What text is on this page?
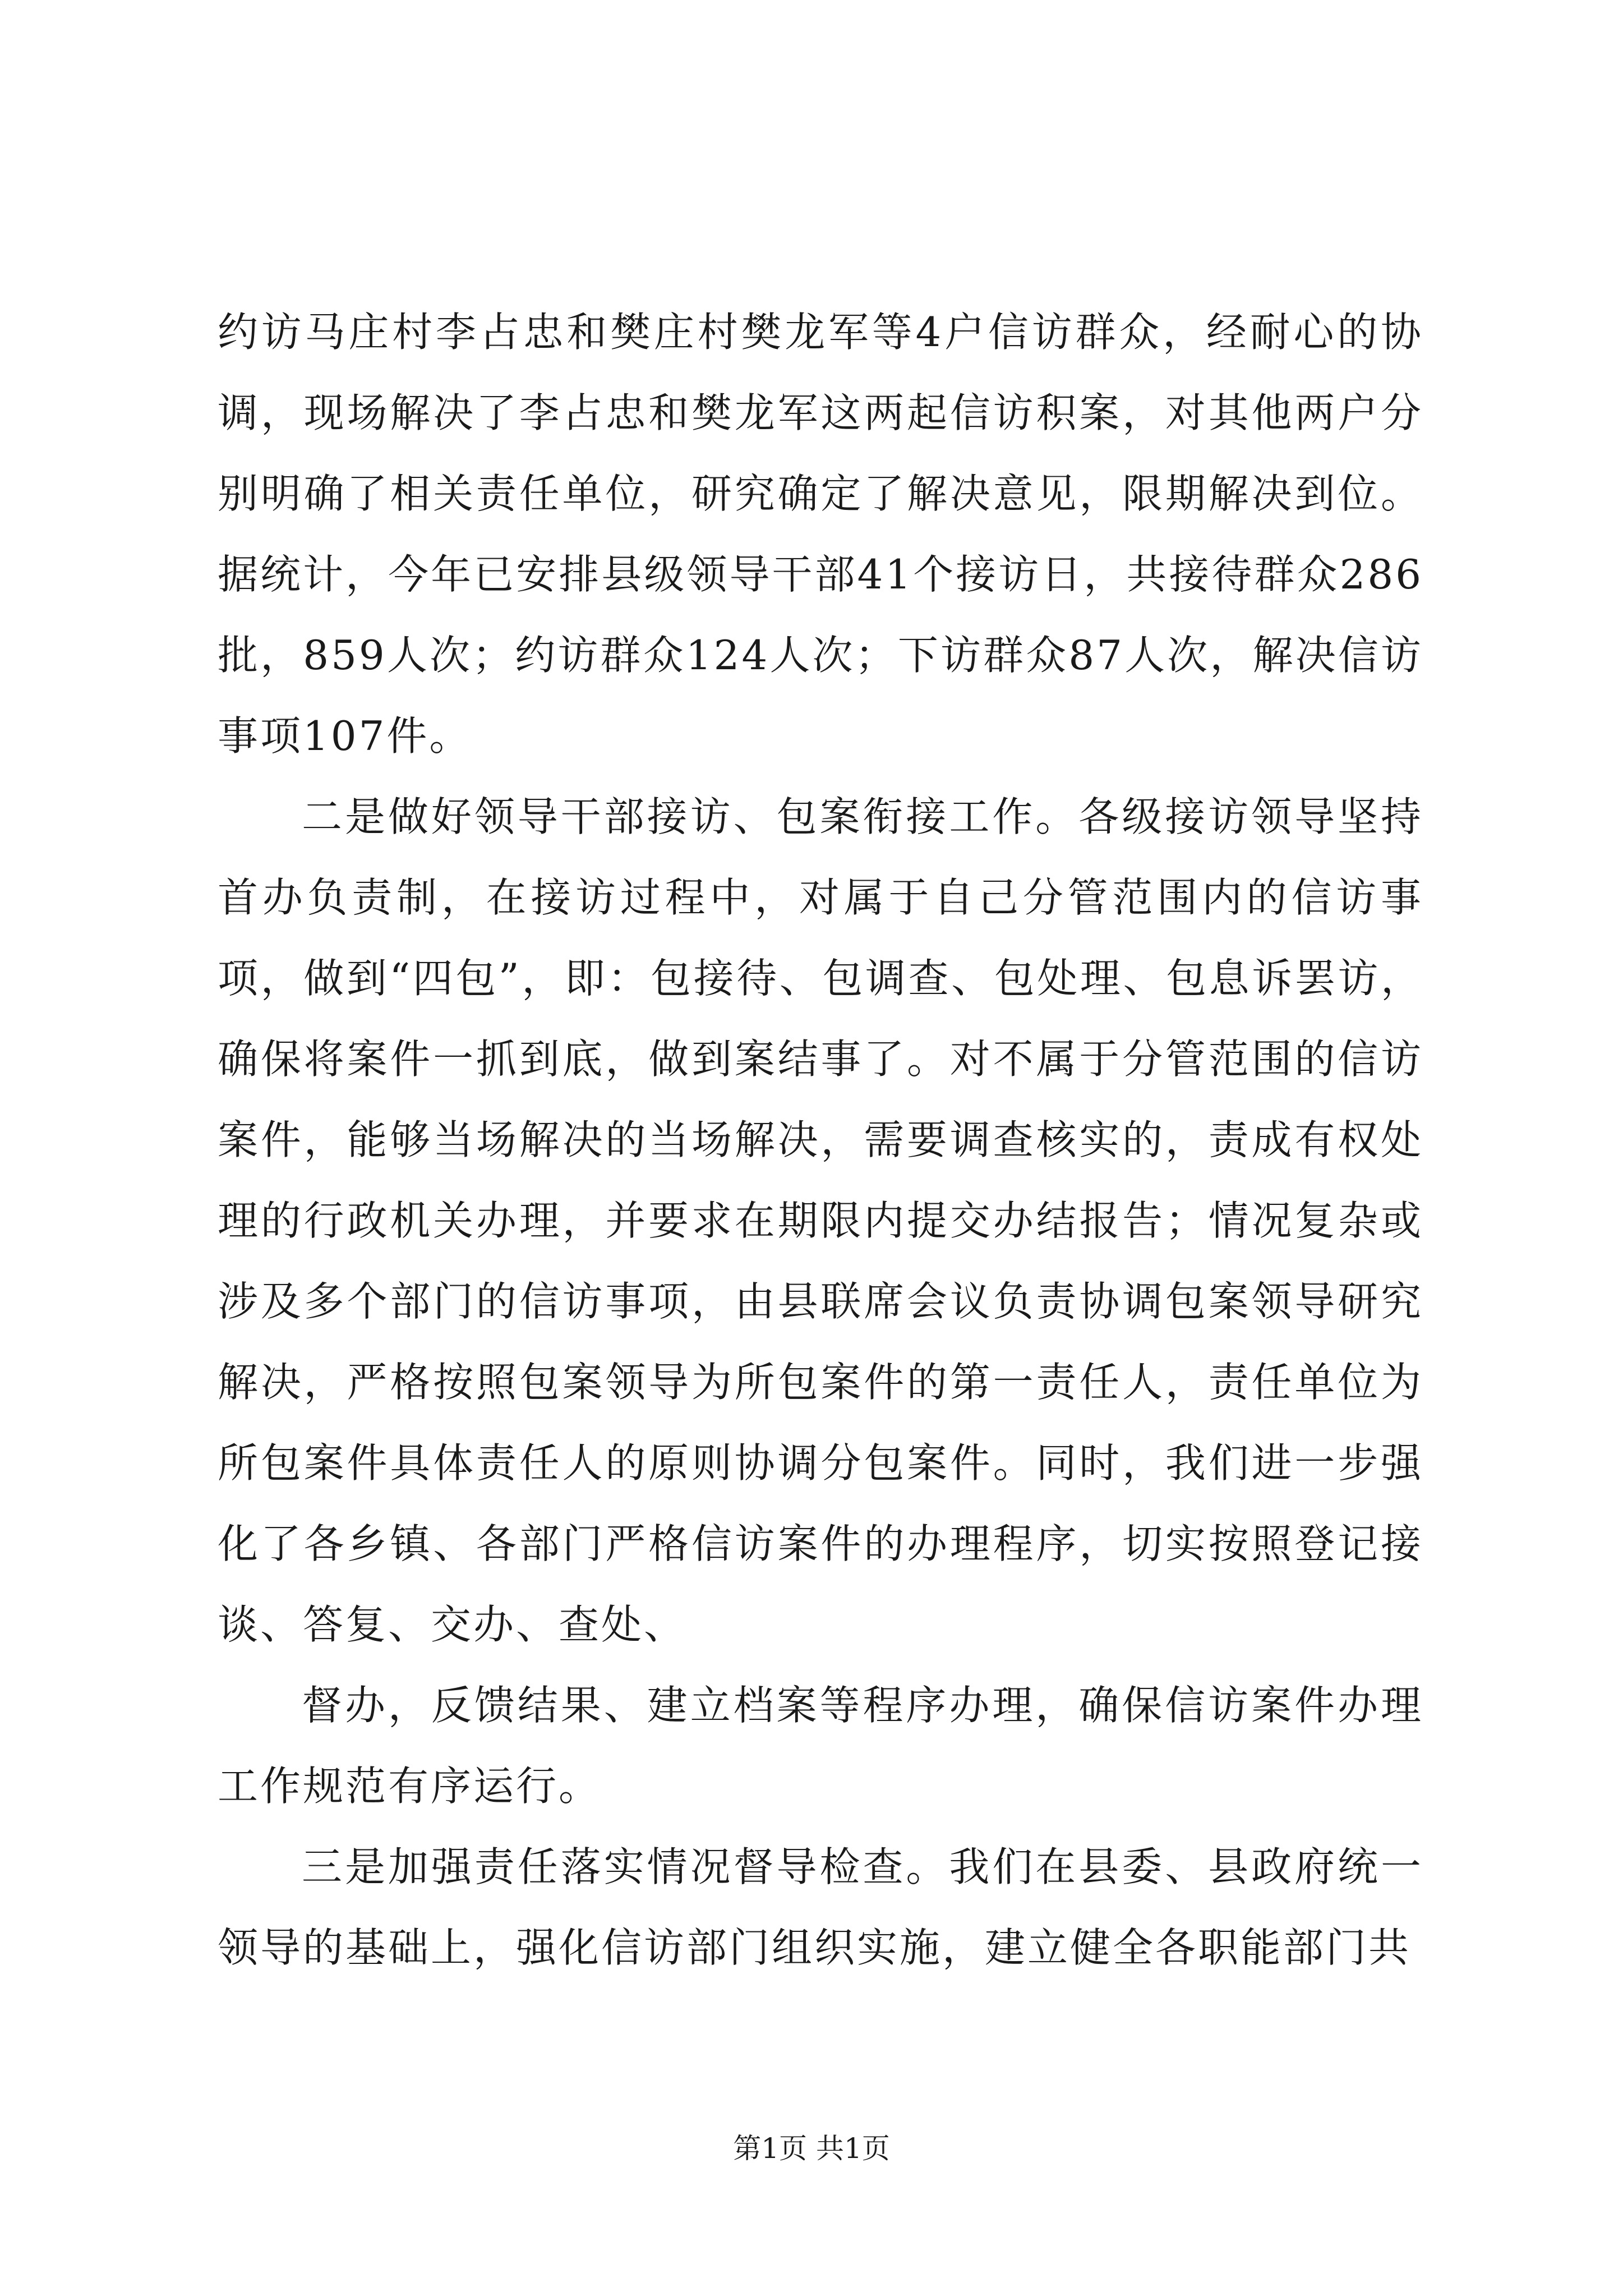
约访马庄村李占忠和樊庄村樊龙军等4户信访群众，经耐心的协调，现场解决了李占忠和樊龙军这两起信访积案，对其他两户分别明确了相关责任单位，研究确定了解决意见，限期解决到位。据统计，今年已安排县级领导干部41个接访日，共接待群众286批，859人次；约访群众124人次；下访群众87人次，解决信访事项107件。

二是做好领导干部接访、包案衔接工作。各级接访领导坚持首办负责制，在接访过程中，对属于自己分管范围内的信访事项，做到“四包”，即：包接待、包调查、包处理、包息诉罢访，确保将案件一抓到底，做到案结事了。对不属于分管范围的信访案件，能够当场解决的当场解决，需要调查核实的，责成有权处理的行政机关办理，并要求在期限内提交办结报告；情况复杂或涉及多个部门的信访事项，由县联席会议负责协调包案领导研究解决，严格按照包案领导为所包案件的第一责任人，责任单位为所包案件具体责任人的原则协调分包案件。同时，我们进一步强化了各乡镇、各部门严格信访案件的办理程序，切实按照登记接谈、答复、交办、查处、

督办，反馈结果、建立档案等程序办理，确保信访案件办理工作规范有序运行。

三是加强责任落实情况督导检查。我们在县委、县政府统一领导的基础上，强化信访部门组织实施，建立健全各职能部门共

第1页 共1页
